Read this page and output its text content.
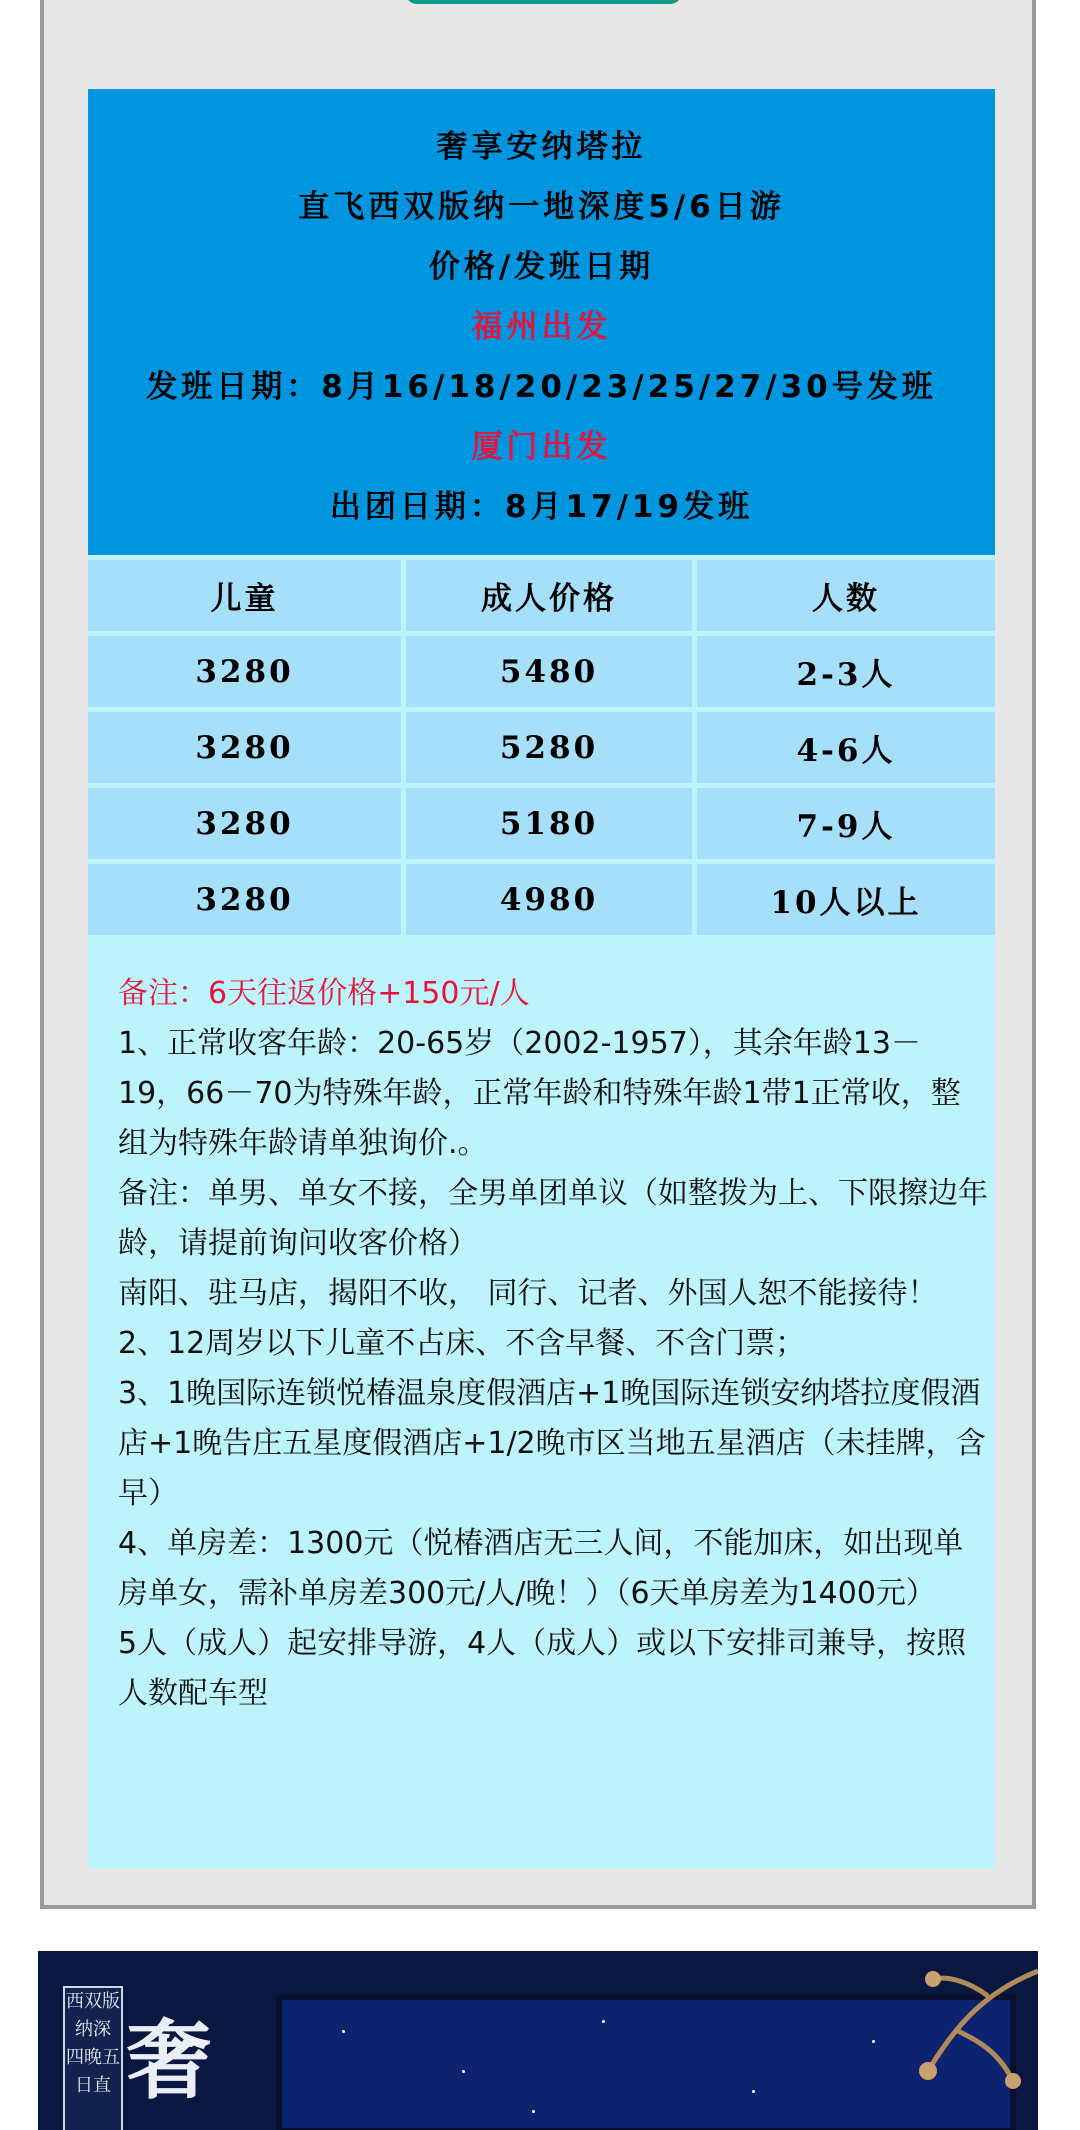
奢享安纳塔拉
直飞西双版纳一地深度5/6日游
价格/发班日期
福州出发
发班日期：8月16/18/20/23/25/27/30号发班
厦门出发
出团日期：8月17/19发班
儿童	成人价格	人数
3280	5480	2-3人
3280	5280	4-6人
3280	5180	7-9人
3280	4980	10人以上

备注：6天往返价格+150元/人

1、正常收客年龄：20-65岁（2002-1957），其余年龄13－19，66－70为特殊年龄，正常年龄和特殊年龄1带1正常收，整组为特殊年龄请单独询价.。

备注：单男、单女不接，全男单团单议（如整拨为上、下限擦边年龄，请提前询问收客价格）

南阳、驻马店，揭阳不收， 同行、记者、外国人恕不能接待！

2、12周岁以下儿童不占床、不含早餐、不含门票；

3、1晚国际连锁悦椿温泉度假酒店+1晚国际连锁安纳塔拉度假酒店+1晚告庄五星度假酒店+1/2晚市区当地五星酒店（未挂牌，含早）

4、单房差：1300元（悦椿酒店无三人间，不能加床，如出现单房单女，需补单房差300元/人/晚！）（6天单房差为1400元）

5人（成人）起安排导游，4人（成人）或以下安排司兼导，按照人数配车型

西双版纳深 四晚五日直 奢
